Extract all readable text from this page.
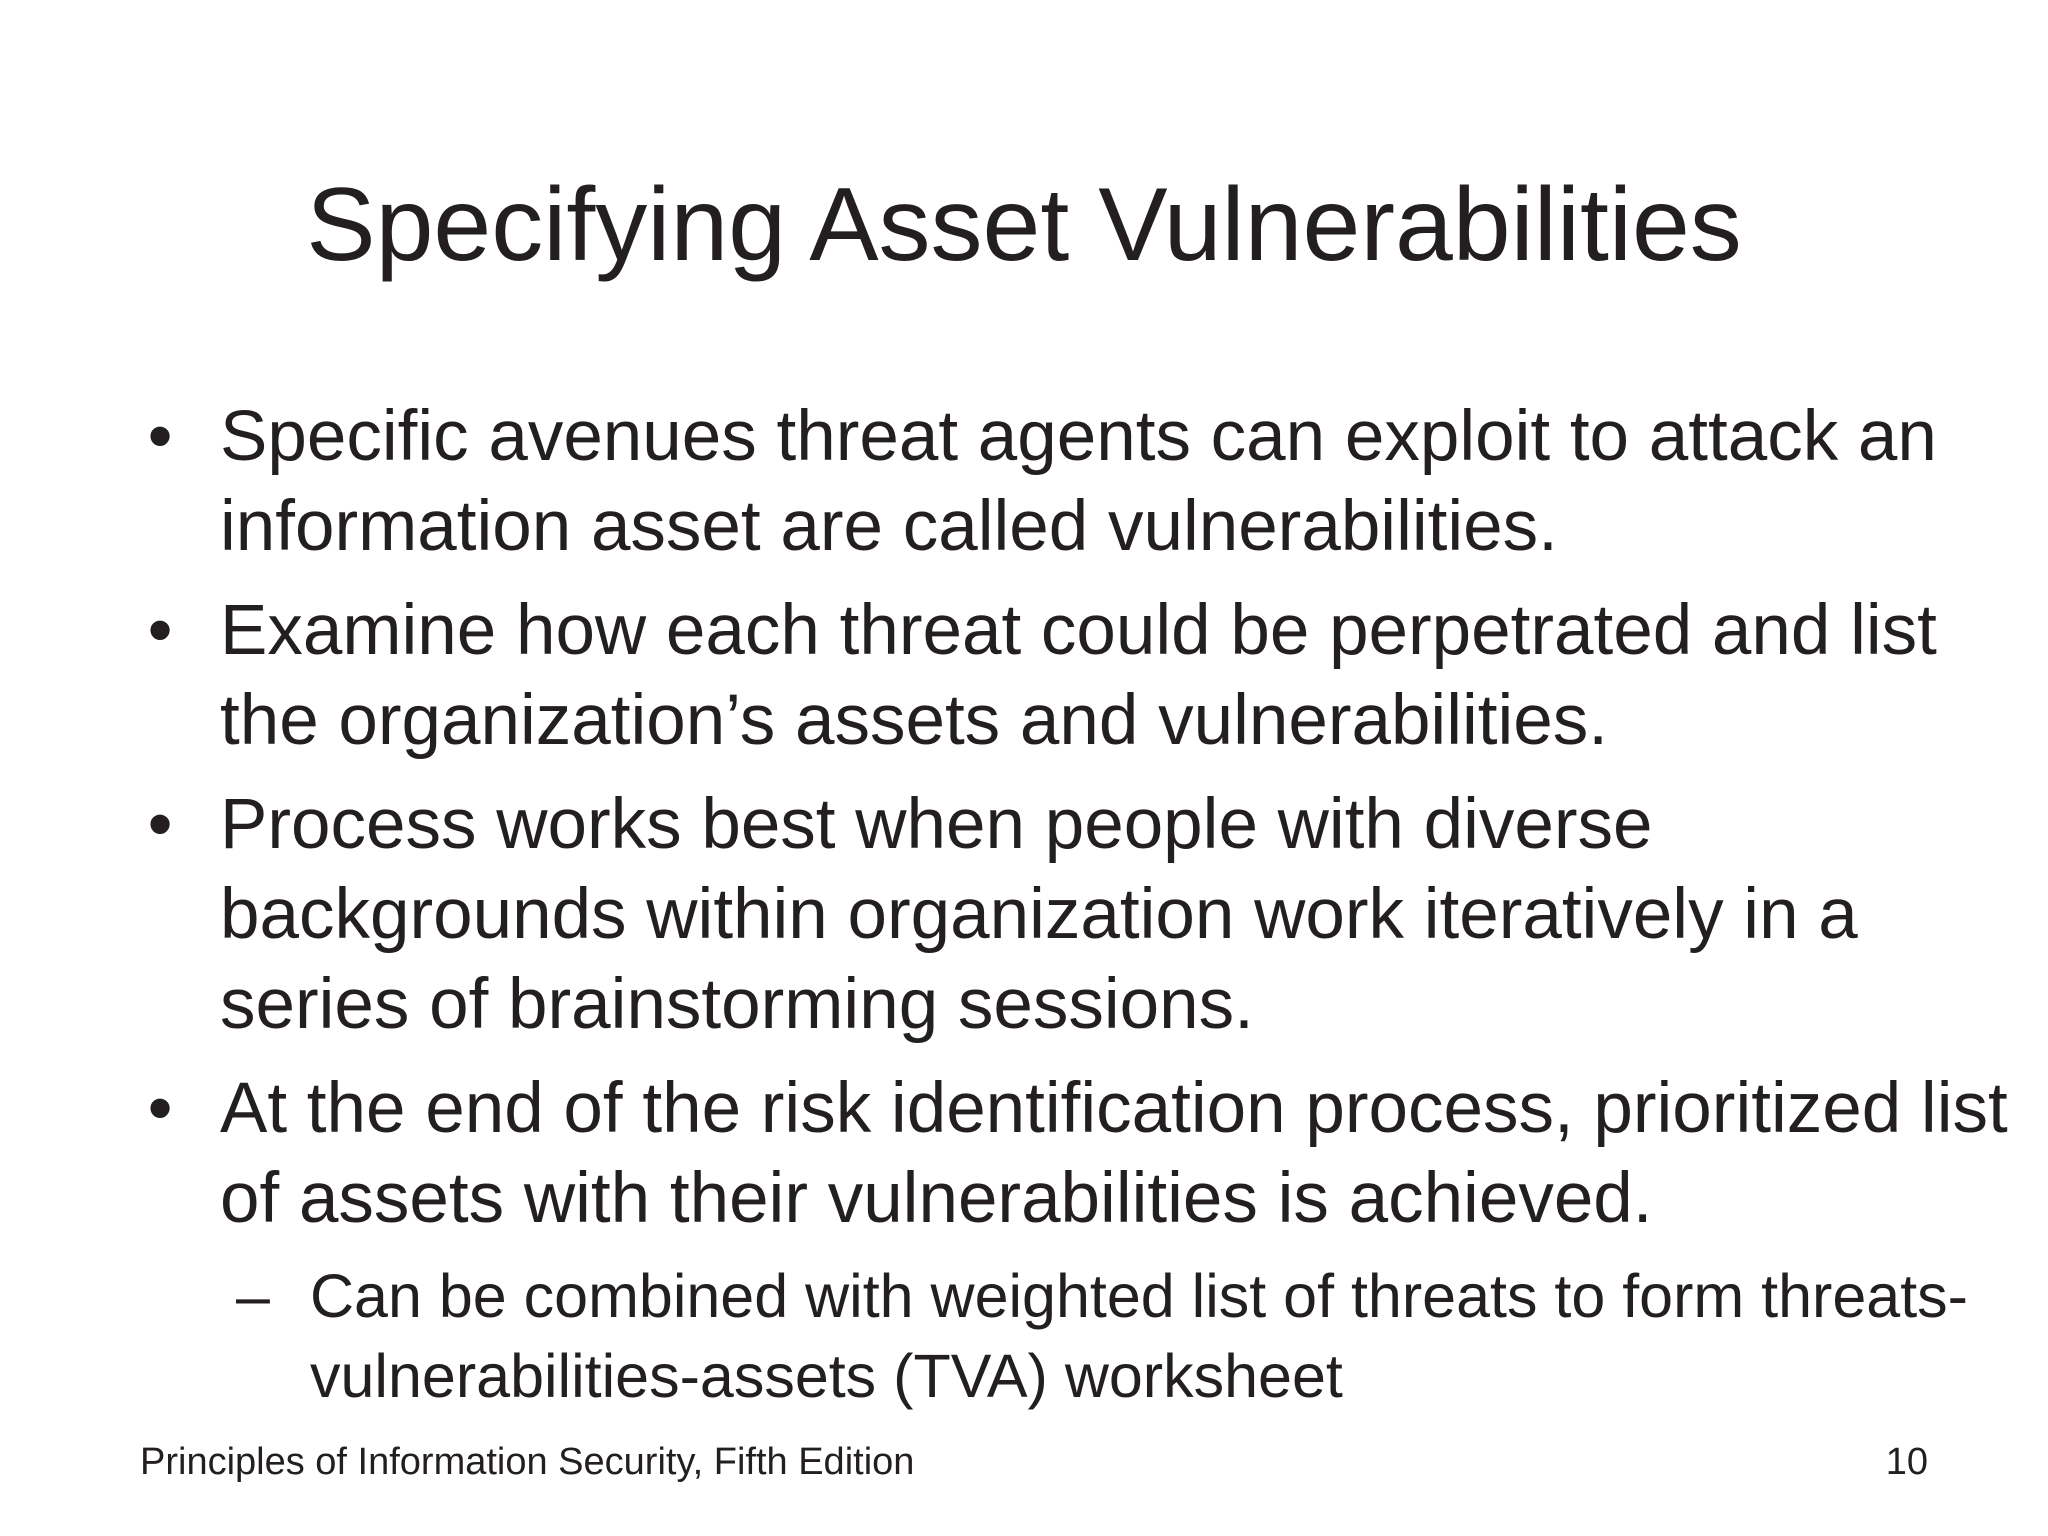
Specifying Asset Vulnerabilities
• Specific avenues threat agents can exploit to attack an information asset are called vulnerabilities.
• Examine how each threat could be perpetrated and list the organization’s assets and vulnerabilities.
• Process works best when people with diverse backgrounds within organization work iteratively in a series of brainstorming sessions.
• At the end of the risk identification process, prioritized list of assets with their vulnerabilities is achieved.
– Can be combined with weighted list of threats to form threats-vulnerabilities-assets (TVA) worksheet
Principles of Information Security, Fifth Edition	10
